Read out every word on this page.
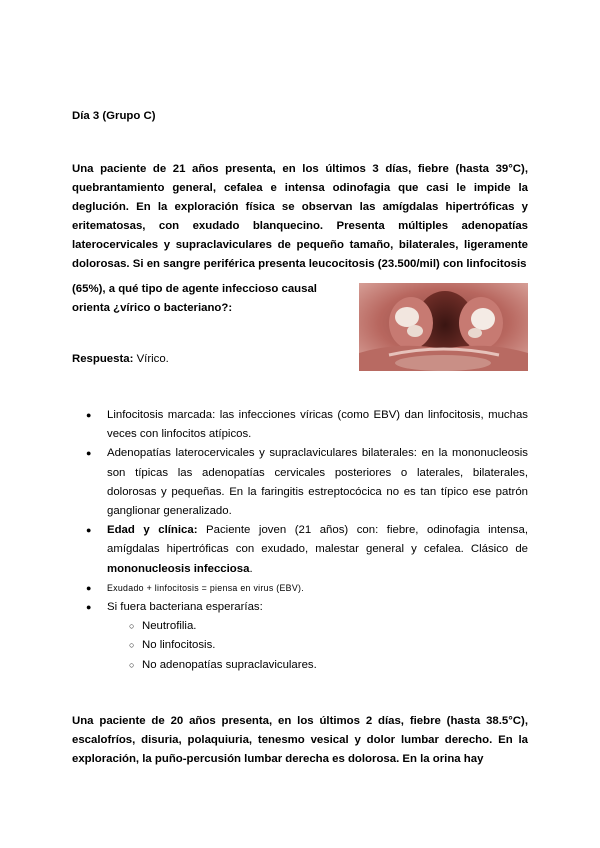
Día 3 (Grupo C)
Una paciente de 21 años presenta, en los últimos 3 días, fiebre (hasta 39°C), quebrantamiento general, cefalea e intensa odinofagia que casi le impide la deglución. En la exploración física se observan las amígdalas hipertróficas y eritematosas, con exudado blanquecino. Presenta múltiples adenopatías laterocervicales y supraclaviculares de pequeño tamaño, bilaterales, ligeramente dolorosas. Si en sangre periférica presenta leucocitosis (23.500/mil) con linfocitosis
(65%), a qué tipo de agente infeccioso causal orienta ¿vírico o bacteriano?:
Respuesta: Vírico.
● Linfocitosis marcada: las infecciones víricas (como EBV) dan linfocitosis, muchas veces con linfocitos atípicos.
● Adenopatías laterocervicales y supraclaviculares bilaterales: en la mononucleosis son típicas las adenopatías cervicales posteriores o laterales, bilaterales, dolorosas y pequeñas. En la faringitis estreptocócica no es tan típico ese patrón ganglionar generalizado.
● Edad y clínica: Paciente joven (21 años) con: fiebre, odinofagia intensa, amígdalas hipertróficas con exudado, malestar general y cefalea. Clásico de mononucleosis infecciosa.
● Exudado + linfocitosis = piensa en virus (EBV).
● Si fuera bacteriana esperarías:
○ Neutrofilia.
○ No linfocitosis.
○ No adenopatías supraclaviculares.
Una paciente de 20 años presenta, en los últimos 2 días, fiebre (hasta 38.5°C), escalofríos, disuria, polaquiuria, tenesmo vesical y dolor lumbar derecho. En la exploración, la puño-percusión lumbar derecha es dolorosa. En la orina hay
